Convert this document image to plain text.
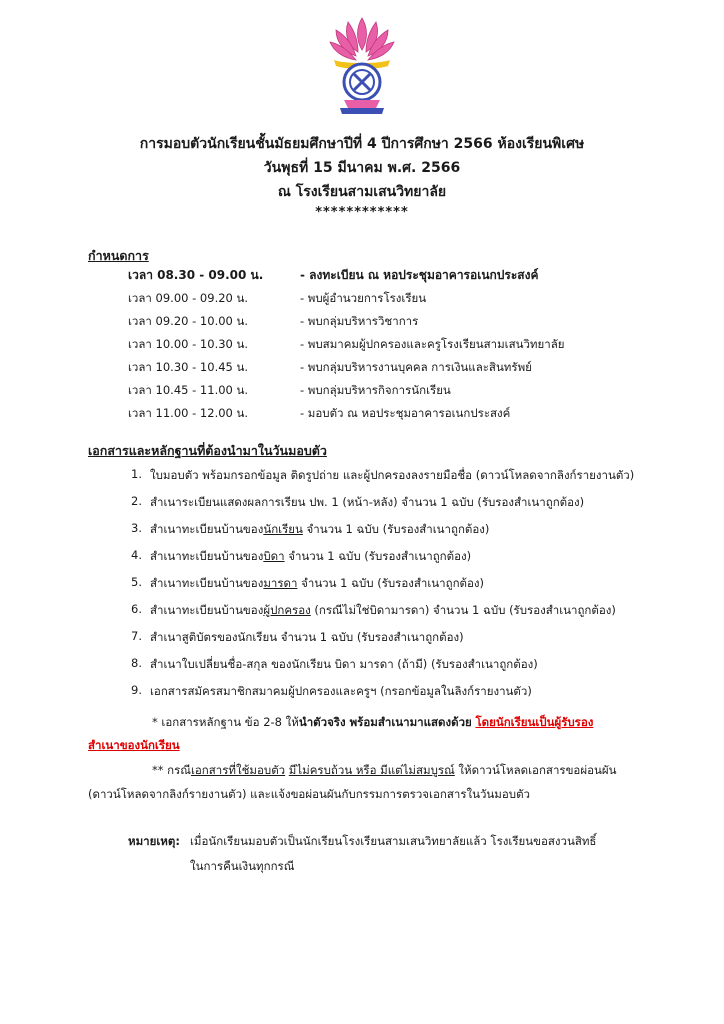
การมอบตัวนักเรียนชั้นมัธยมศึกษาปีที่ 4 ปีการศึกษา 2566 ห้องเรียนพิเศษ
วันพุธที่ 15 มีนาคม พ.ศ. 2566
ณ โรงเรียนสามเสนวิทยาลัย
************
กำหนดการ
เวลา 08.30 - 09.00 น.	- ลงทะเบียน ณ หอประชุมอาคารอเนกประสงค์
เวลา 09.00 - 09.20 น.	- พบผู้อำนวยการโรงเรียน
เวลา 09.20 - 10.00 น.	- พบกลุ่มบริหารวิชาการ
เวลา 10.00 - 10.30 น.	- พบสมาคมผู้ปกครองและครูโรงเรียนสามเสนวิทยาลัย
เวลา 10.30 - 10.45 น.	- พบกลุ่มบริหารงานบุคคล การเงินและสินทรัพย์
เวลา 10.45 - 11.00 น.	- พบกลุ่มบริหารกิจการนักเรียน
เวลา 11.00 - 12.00 น.	- มอบตัว ณ หอประชุมอาคารอเนกประสงค์
เอกสารและหลักฐานที่ต้องนำมาในวันมอบตัว
1. ใบมอบตัว พร้อมกรอกข้อมูล ติดรูปถ่าย และผู้ปกครองลงรายมือชื่อ (ดาวน์โหลดจากลิงก์รายงานตัว)
2. สำเนาระเบียนแสดงผลการเรียน ปพ. 1 (หน้า-หลัง) จำนวน 1 ฉบับ (รับรองสำเนาถูกต้อง)
3. สำเนาทะเบียนบ้านของนักเรียน จำนวน 1 ฉบับ (รับรองสำเนาถูกต้อง)
4. สำเนาทะเบียนบ้านของบิดา จำนวน 1 ฉบับ (รับรองสำเนาถูกต้อง)
5. สำเนาทะเบียนบ้านของมารดา จำนวน 1 ฉบับ (รับรองสำเนาถูกต้อง)
6. สำเนาทะเบียนบ้านของผู้ปกครอง (กรณีไม่ใช่บิดามารดา) จำนวน 1 ฉบับ (รับรองสำเนาถูกต้อง)
7. สำเนาสูติบัตรของนักเรียน จำนวน 1 ฉบับ (รับรองสำเนาถูกต้อง)
8. สำเนาใบเปลี่ยนชื่อ-สกุล ของนักเรียน บิดา มารดา (ถ้ามี) (รับรองสำเนาถูกต้อง)
9. เอกสารสมัครสมาชิกสมาคมผู้ปกครองและครูฯ (กรอกข้อมูลในลิงก์รายงานตัว)
* เอกสารหลักฐาน ข้อ 2-8 ให้นำตัวจริง พร้อมสำเนามาแสดงด้วย โดยนักเรียนเป็นผู้รับรอง
สำเนาของนักเรียน
** กรณีเอกสารที่ใช้มอบตัว มีไม่ครบถ้วน หรือ มีแต่ไม่สมบูรณ์ ให้ดาวน์โหลดเอกสารขอผ่อนผัน
(ดาวน์โหลดจากลิงก์รายงานตัว) และแจ้งขอผ่อนผันกับกรรมการตรวจเอกสารในวันมอบตัว
หมายเหตุ: เมื่อนักเรียนมอบตัวเป็นนักเรียนโรงเรียนสามเสนวิทยาลัยแล้ว โรงเรียนขอสงวนสิทธิ์
ในการคืนเงินทุกกรณี
